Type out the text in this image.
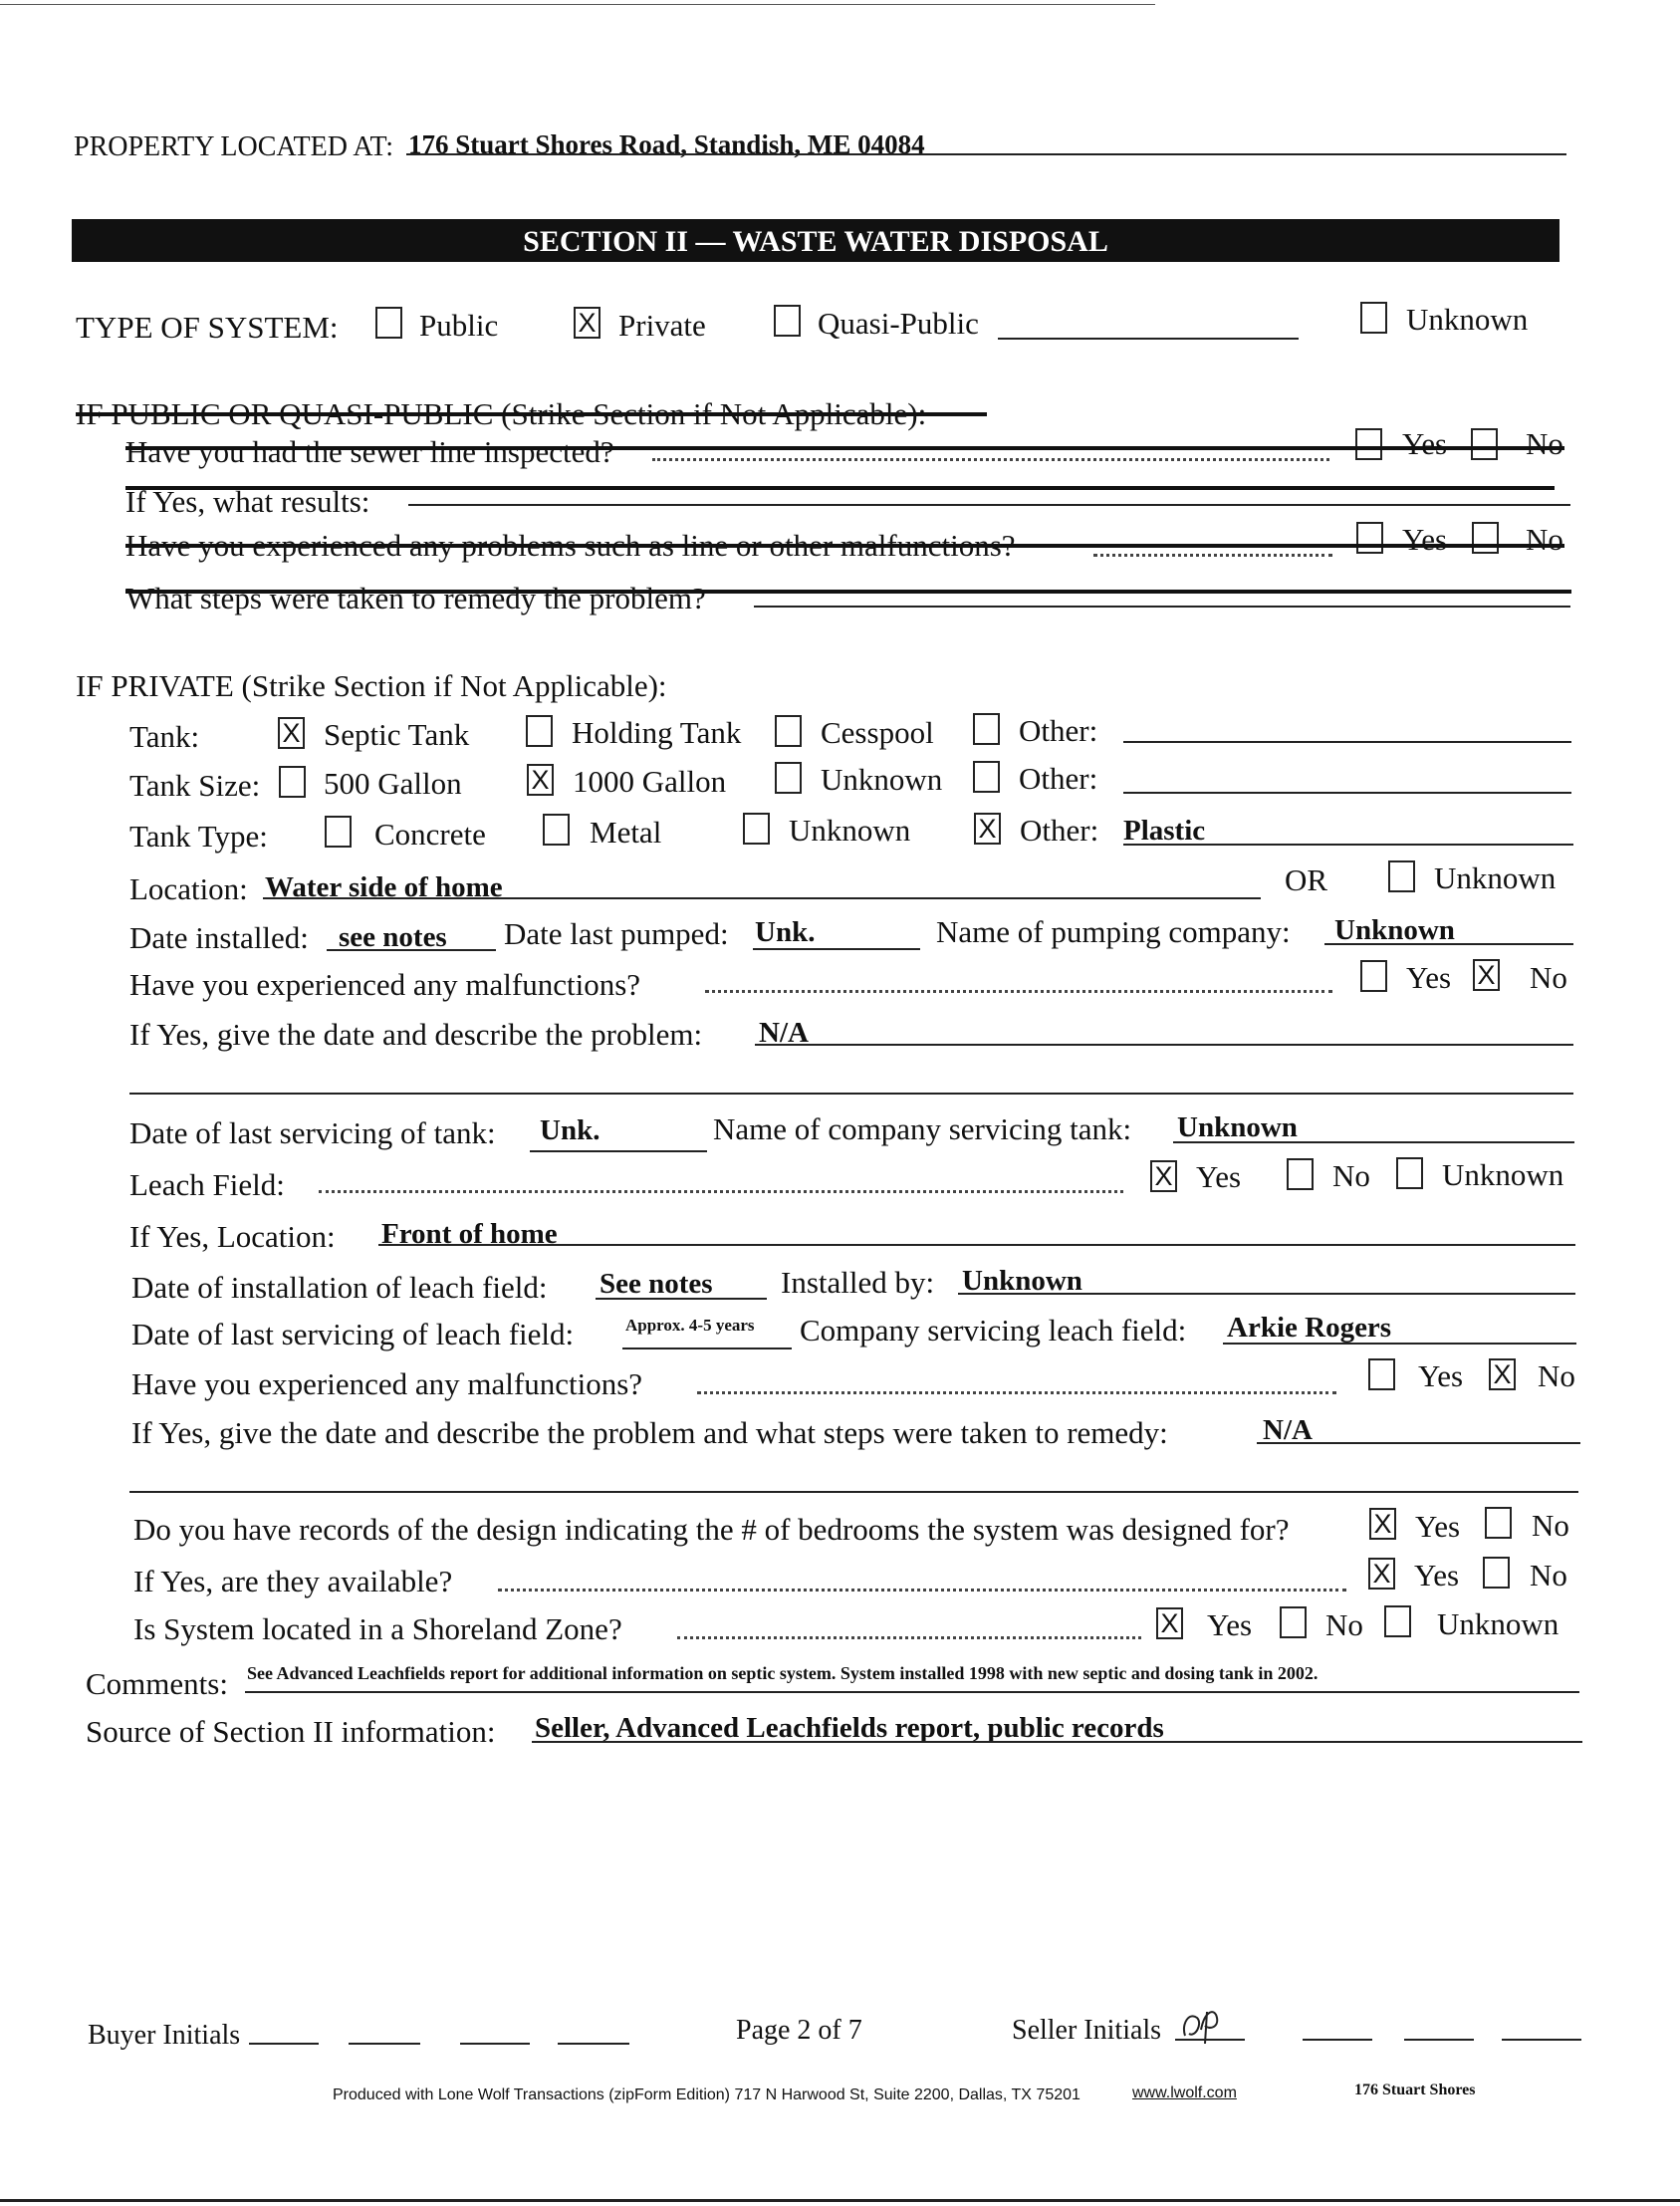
PROPERTY LOCATED AT: 176 Stuart Shores Road, Standish, ME 04084
SECTION II — WASTE WATER DISPOSAL
TYPE OF SYSTEM:	Public	X Private	Quasi-Public	Unknown
IF PUBLIC OR QUASI-PUBLIC (Strike Section if Not Applicable):
Have you had the sewer line inspected?	Yes	No
If Yes, what results:
Have you experienced any problems such as line or other malfunctions?	Yes	No
What steps were taken to remedy the problem?
IF PRIVATE (Strike Section if Not Applicable):
Tank:	X Septic Tank	Holding Tank	Cesspool	Other:
Tank Size: 500 Gallon	X 1000 Gallon	Unknown Other:
Tank Type:	Concrete	Metal	Unknown	X Other: Plastic
Location: Water side of home	OR	Unknown
Date installed: see notes Date last pumped: Unk.	Name of pumping company: Unknown
Have you experienced any malfunctions?	Yes X No
If Yes, give the date and describe the problem: N/A
Date of last servicing of tank: Unk.	Name of company servicing tank: Unknown
Leach Field:	X Yes	No Unknown
If Yes, Location: Front of home
Date of installation of leach field: See notes Installed by: Unknown
Date of last servicing of leach field:	Approx. 4-5 years Company servicing leach field: Arkie Rogers
Have you experienced any malfunctions?	Yes X No
If Yes, give the date and describe the problem and what steps were taken to remedy:	N/A
Do you have records of the design indicating the # of bedrooms the system was designed for?	X Yes No
If Yes, are they available?	X Yes No
Is System located in a Shoreland Zone?	X Yes No Unknown
Comments: See Advanced Leachfields report for additional information on septic system. System installed 1998 with new septic and dosing tank in 2002.
Source of Section II information: Seller, Advanced Leachfields report, public records
Buyer Initials	Page 2 of 7	Seller Initials
Produced with Lone Wolf Transactions (zipForm Edition) 717 N Harwood St, Suite 2200, Dallas, TX 75201	www.lwolf.com	176 Stuart Shores
